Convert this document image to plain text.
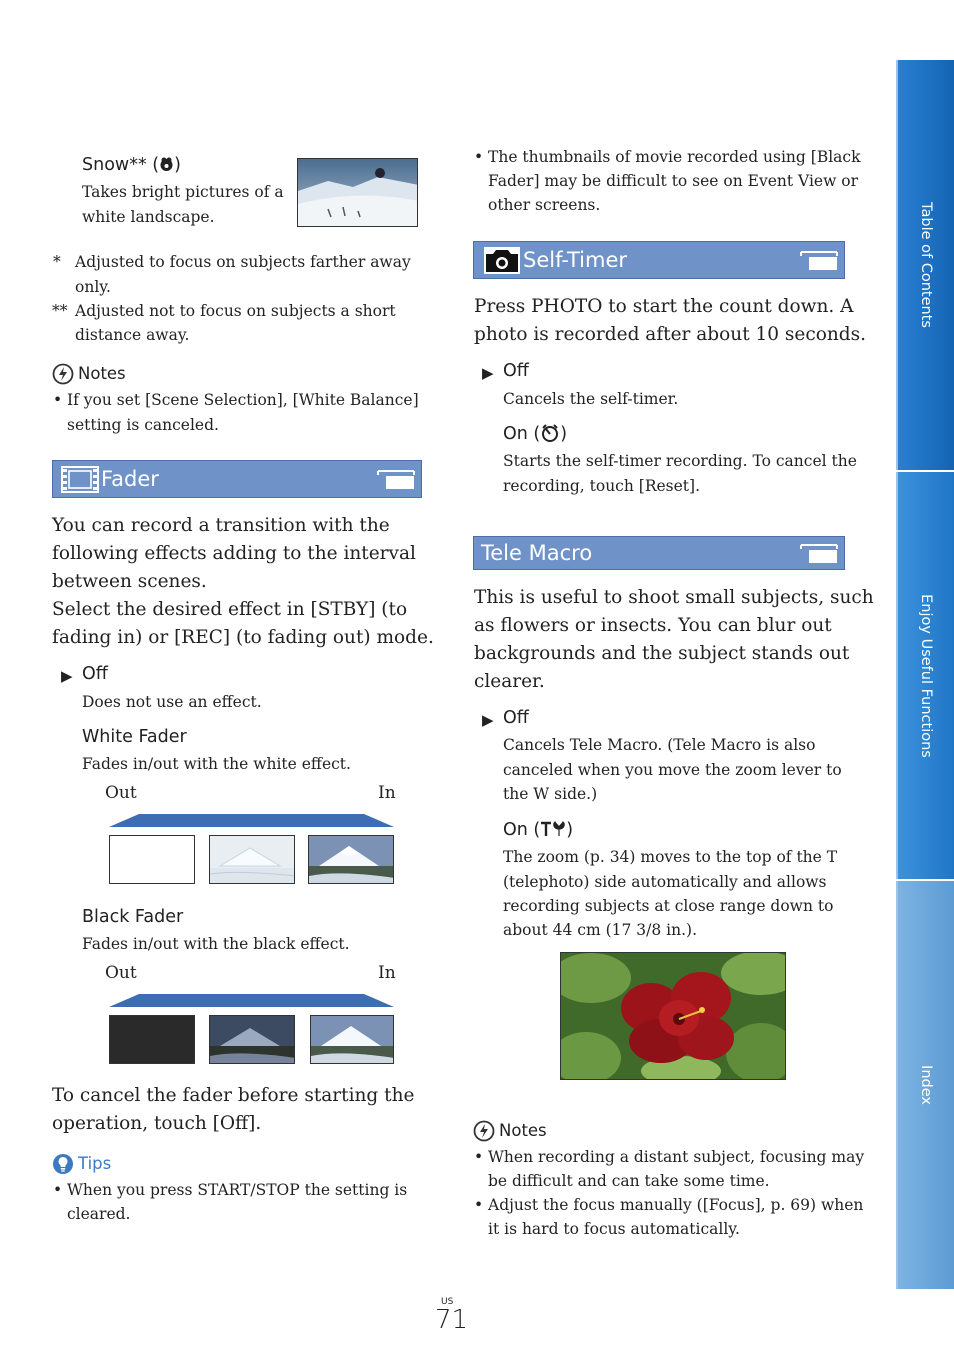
Snow** ( )
Takes bright pictures of a
white landscape.
* Adjusted to focus on subjects farther away
only.
** Adjusted not to focus on subjects a short
distance away.
Notes
• If you set [Scene Selection], [White Balance]
setting is canceled.
Fader
You can record a transition with the
following effects adding to the interval
between scenes.
Select the desired effect in [STBY] (to
fading in) or [REC] (to fading out) mode.
▶ Off
Does not use an effect.
White Fader
Fades in/out with the white effect.
Out	In
Black Fader
Fades in/out with the black effect.
Out	In
To cancel the fader before starting the
operation, touch [Off].
Tips
• When you press START/STOP the setting is
cleared.
• The thumbnails of movie recorded using [Black
Fader] may be difficult to see on Event View or
other screens.
Self-Timer
Press PHOTO to start the count down. A
photo is recorded after about 10 seconds.
▶ Off
Cancels the self-timer.
On ( )
Starts the self-timer recording. To cancel the
recording, touch [Reset].
Tele Macro
This is useful to shoot small subjects, such
as flowers or insects. You can blur out
backgrounds and the subject stands out
clearer.
▶ Off
Cancels Tele Macro. (Tele Macro is also
canceled when you move the zoom lever to
the W side.)
On ( )
The zoom (p. 34) moves to the top of the T
(telephoto) side automatically and allows
recording subjects at close range down to
about 44 cm (17 3/8 in.).
Notes
• When recording a distant subject, focusing may
be difficult and can take some time.
• Adjust the focus manually ([Focus], p. 69) when
it is hard to focus automatically.
Table of Contents
Enjoy Useful Functions
Index
US
71
